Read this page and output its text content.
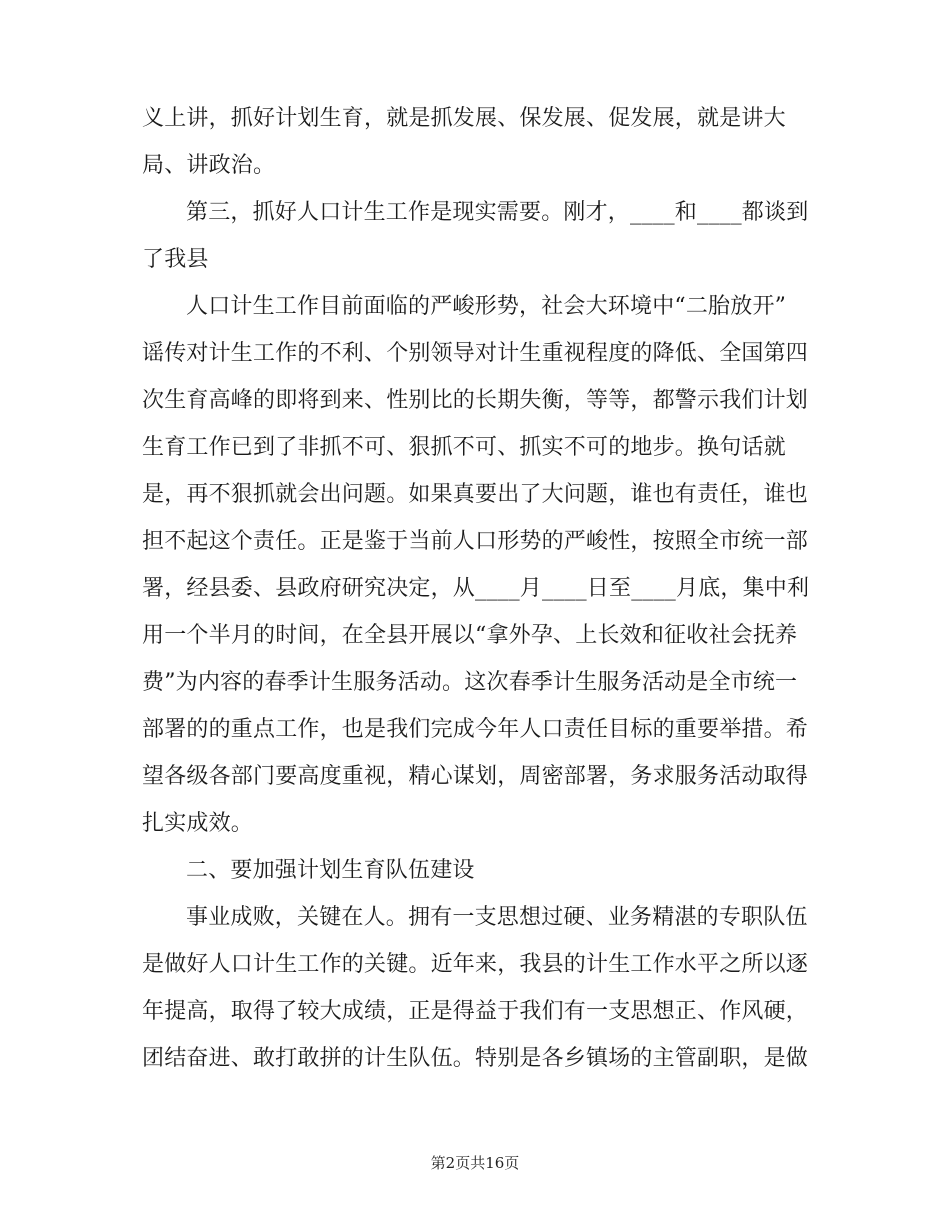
义上讲，抓好计划生育，就是抓发展、保发展、促发展，就是讲大
局、讲政治。
第三，抓好人口计生工作是现实需要。刚才，____和____都谈到
了我县
人口计生工作目前面临的严峻形势，社会大环境中“二胎放开”
谣传对计生工作的不利、个别领导对计生重视程度的降低、全国第四
次生育高峰的即将到来、性别比的长期失衡，等等，都警示我们计划
生育工作已到了非抓不可、狠抓不可、抓实不可的地步。换句话就
是，再不狠抓就会出问题。如果真要出了大问题，谁也有责任，谁也
担不起这个责任。正是鉴于当前人口形势的严峻性，按照全市统一部
署，经县委、县政府研究决定，从____月____日至____月底，集中利
用一个半月的时间，在全县开展以“拿外孕、上长效和征收社会抚养
费”为内容的春季计生服务活动。这次春季计生服务活动是全市统一
部署的的重点工作，也是我们完成今年人口责任目标的重要举措。希
望各级各部门要高度重视，精心谋划，周密部署，务求服务活动取得
扎实成效。
二、要加强计划生育队伍建设
事业成败，关键在人。拥有一支思想过硬、业务精湛的专职队伍
是做好人口计生工作的关键。近年来，我县的计生工作水平之所以逐
年提高，取得了较大成绩，正是得益于我们有一支思想正、作风硬，
团结奋进、敢打敢拼的计生队伍。特别是各乡镇场的主管副职，是做
第2页共16页
